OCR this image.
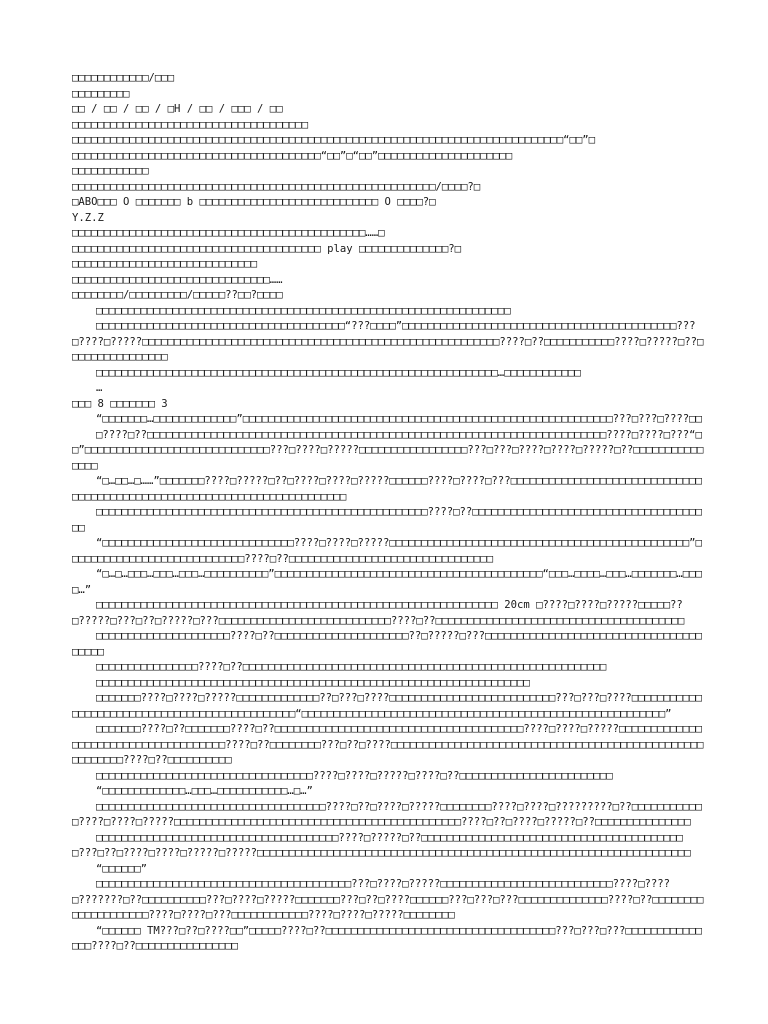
□□□□□□□□□□□□/□□□

□□□□□□□□□

□□ / □□ / □□ / □H / □□ / □□□ / □□

□□□□□□□□□□□□□□□□□□□□□□□□□□□□□□□□□□□□□

□□□□□□□□□□□□□□□□□□□□□□□□□□□□□□□□□□□□□□□□□□□□□□□□□□□□□□□□□□□□□□□□□□□□□□□□□□□□□“□□”□

□□□□□□□□□□□□□□□□□□□□□□□□□□□□□□□□□□□□□□□“□□”□“□□”□□□□□□□□□□□□□□□□□□□□□

□□□□□□□□□□□□

□□□□□□□□□□□□□□□□□□□□□□□□□□□□□□□□□□□□□□□□□□□□□□□□□□□□□□□□□/□□□□?□

□ABO□□□ O □□□□□□□ b □□□□□□□□□□□□□□□□□□□□□□□□□□□□ O □□□□?□

Y.Z.Z

□□□□□□□□□□□□□□□□□□□□□□□□□□□□□□□□□□□□□□□□□□□□□□……□

□□□□□□□□□□□□□□□□□□□□□□□□□□□□□□□□□□□□□□□ play □□□□□□□□□□□□□□?□

□□□□□□□□□□□□□□□□□□□□□□□□□□□□□

□□□□□□□□□□□□□□□□□□□□□□□□□□□□□□□……

□□□□□□□□/□□□□□□□□□/□□□□□??□□?□□□□

□□□□□□□□□□□□□□□□□□□□□□□□□□□□□□□□□□□□□□□□□□□□□□□□□□□□□□□□□□□□□□□□□

□□□□□□□□□□□□□□□□□□□□□□□□□□□□□□□□□□□□□□□“???□□□□”□□□□□□□□□□□□□□□□□□□□□□□□□□□□□□□□□□□□□□□□□□□???□????□?????□□□□□□□□□□□□□□□□□□□□□□□□□□□□□□□□□□□□□□□□□□□□□□□□□□□□□□□□????□??□□□□□□□□□□□????□?????□??□□□□□□□□□□□□□□□□

□□□□□□□□□□□□□□□□□□□□□□□□□□□□□□□□□□□□□□□□□□□□□□□□□□□□□□□□□□□□□□□…□□□□□□□□□□□□

…

□□□ 8 □□□□□□□ 3

“□□□□□□□…□□□□□□□□□□□□□”□□□□□□□□□□□□□□□□□□□□□□□□□□□□□□□□□□□□□□□□□□□□□□□□□□□□□□□□□□???□???□????□□

□????□??□□□□□□□□□□□□□□□□□□□□□□□□□□□□□□□□□□□□□□□□□□□□□□□□□□□□□□□□□□□□□□□□□□□□□□□□????□????□???“□□”□□□□□□□□□□□□□□□□□□□□□□□□□□□□□???□????□?????□□□□□□□□□□□□□□□□□???□???□????□????□?????□??□□□□□□□□□□□□□□□

“□…□□…□……”□□□□□□□????□?????□??□????□????□?????□□□□□□????□????□???□□□□□□□□□□□□□□□□□□□□□□□□□□□□□□□□□□□□□□□□□□□□□□□□□□□□□□□□□□□□□□□□□□□□□□□□□

□□□□□□□□□□□□□□□□□□□□□□□□□□□□□□□□□□□□□□□□□□□□□□□□□□□□????□??□□□□□□□□□□□□□□□□□□□□□□□□□□□□□□□□□□□□□□

“□□□□□□□□□□□□□□□□□□□□□□□□□□□□□□????□????□?????□□□□□□□□□□□□□□□□□□□□□□□□□□□□□□□□□□□□□□□□□□□□□□□”□□□□□□□□□□□□□□□□□□□□□□□□□□□□????□??□□□□□□□□□□□□□□□□□□□□□□□□□□□□□□□□

“□…□…□□□…□□□…□□□…□□□□□□□□□□”□□□□□□□□□□□□□□□□□□□□□□□□□□□□□□□□□□□□□□□□□□“□□□…□□□□…□□□…□□□□□□□…□□□□…”

□□□□□□□□□□□□□□□□□□□□□□□□□□□□□□□□□□□□□□□□□□□□□□□□□□□□□□□□□□□□□□□ 20cm □????□????□?????□□□□□??□?????□???□??□?????□???□□□□□□□□□□□□□□□□□□□□□□□□□□□????□??□□□□□□□□□□□□□□□□□□□□□□□□□□□□□□□□□□□□□□□

□□□□□□□□□□□□□□□□□□□□□????□??□□□□□□□□□□□□□□□□□□□□□??□?????□???□□□□□□□□□□□□□□□□□□□□□□□□□□□□□□□□□□□□□□□

□□□□□□□□□□□□□□□□????□??□□□□□□□□□□□□□□□□□□□□□□□□□□□□□□□□□□□□□□□□□□□□□□□□□□□□□□□□□

□□□□□□□□□□□□□□□□□□□□□□□□□□□□□□□□□□□□□□□□□□□□□□□□□□□□□□□□□□□□□□□□□□□□

□□□□□□□????□????□?????□□□□□□□□□□□□□??□???□????□□□□□□□□□□□□□□□□□□□□□□□□□□???□???□????□□□□□□□□□□□□□□□□□□□□□□□□□□□□□□□□□□□□□□□□□□□□□□“□□□□□□□□□□□□□□□□□□□□□□□□□□□□□□□□□□□□□□□□□□□□□□□□□□□□□□□□□”

□□□□□□□????□??□□□□□□□????□??□□□□□□□□□□□□□□□□□□□□□□□□□□□□□□□□□□□□□□□????□????□?????□□□□□□□□□□□□□□□□□□□□□□□□□□□□□□□□□□□□□????□??□□□□□□□□???□??□????□□□□□□□□□□□□□□□□□□□□□□□□□□□□□□□□□□□□□□□□□□□□□□□□□□□□□□□□□????□??□□□□□□□□□□

□□□□□□□□□□□□□□□□□□□□□□□□□□□□□□□□□□????□????□?????□????□??□□□□□□□□□□□□□□□□□□□□□□□□

“□□□□□□□□□□□□□…□□□…□□□□□□□□□□□…□…”

□□□□□□□□□□□□□□□□□□□□□□□□□□□□□□□□□□□□????□??□????□?????□□□□□□□□????□????□?????????□??□□□□□□□□□□□□????□????□?????□□□□□□□□□□□□□□□□□□□□□□□□□□□□□□□□□□□□□□□□□□□□□????□??□????□?????□??□□□□□□□□□□□□□□□

□□□□□□□□□□□□□□□□□□□□□□□□□□□□□□□□□□□□□□????□?????□??□□□□□□□□□□□□□□□□□□□□□□□□□□□□□□□□□□□□□□□□□□???□??□????□????□?????□?????□□□□□□□□□□□□□□□□□□□□□□□□□□□□□□□□□□□□□□□□□□□□□□□□□□□□□□□□□□□□□□□□□□□□

“□□□□□□”

□□□□□□□□□□□□□□□□□□□□□□□□□□□□□□□□□□□□□□□□???□????□?????□□□□□□□□□□□□□□□□□□□□□□□□□□□????□????□???????□??□□□□□□□□□□???□????□?????□□□□□□□???□??□????□□□□□□???□???□???□□□□□□□□□□□□□□????□??□□□□□□□□□□□□□□□□□□□□????□????□???□□□□□□□□□□□□????□????□?????□□□□□□□□

“□□□□□□ TM???□??□????□□”□□□□□????□??□□□□□□□□□□□□□□□□□□□□□□□□□□□□□□□□□□□□???□???□???□□□□□□□□□□□□□□□????□??□□□□□□□□□□□□□□□□
